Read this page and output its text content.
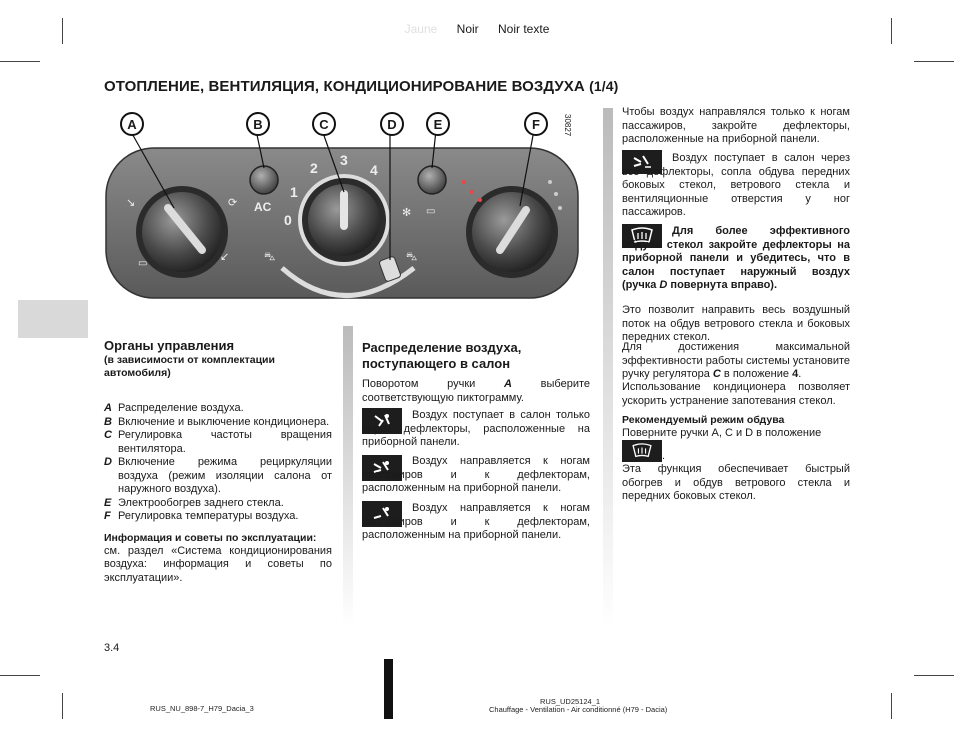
Jaune Noir Noir texte
ОТОПЛЕНИЕ, ВЕНТИЛЯЦИЯ, КОНДИЦИОНИРОВАНИЕ ВОЗДУХА (1/4)
↘	⟳
↙
▭
✻ ▭
⛍	⛍
A	B	C	D	E	F	30827
AC
0
1
2 3
4
Органы управления
(в зависимости от комплектации автомобиля)
A Распределение воздуха.
B Включение и выключение кондиционера.
C Регулировка частоты вращения вентилятора.
D Включение режима рециркуляции воздуха (режим изоляции салона от наружного воздуха).
E Электрообогрев заднего стекла.
F Регулировка температуры воздуха.
Информация и советы по эксплуатации:
см. раздел «Система кондиционирования воздуха: информация и советы по эксплуатации».
3.4
Распределение воздуха, поступающего в салон
Поворотом ручки A выберите соответствующую пиктограмму.
Воздух поступает в салон только через дефлекторы, расположенные на приборной панели.
Воздух направляется к ногам пассажиров и к дефлекторам, расположенным на приборной панели.
Воздух направляется к ногам пассажиров и к дефлекторам, расположенным на приборной панели.
Чтобы воздух направлялся только к ногам пассажиров, закройте дефлекторы, расположенные на приборной панели.
Воздух поступает в салон через все дефлекторы, сопла обдува передних боковых стекол, ветрового стекла и вентиляционные отверстия у ног пассажиров.
Для более эффективного обдува стекол закройте дефлекторы на приборной панели и убедитесь, что в салон поступает наружный воздух (ручка D повернута вправо).
Это позволит направить весь воздушный поток на обдув ветрового стекла и боковых передних стекол.
Для достижения максимальной эффективности работы системы установите ручку регулятора C в положение 4.
Использование кондиционера позволяет ускорить устранение запотевания стекол.
Рекомендуемый режим обдува
Поверните ручки A, C и D в положение
.
Эта функция обеспечивает быстрый обогрев и обдув ветрового стекла и передних боковых стекол.
RUS_NU_898-7_H79_Dacia_3
RUS_UD25124_1
Chauffage - Ventilation - Air conditionné (H79 - Dacia)
